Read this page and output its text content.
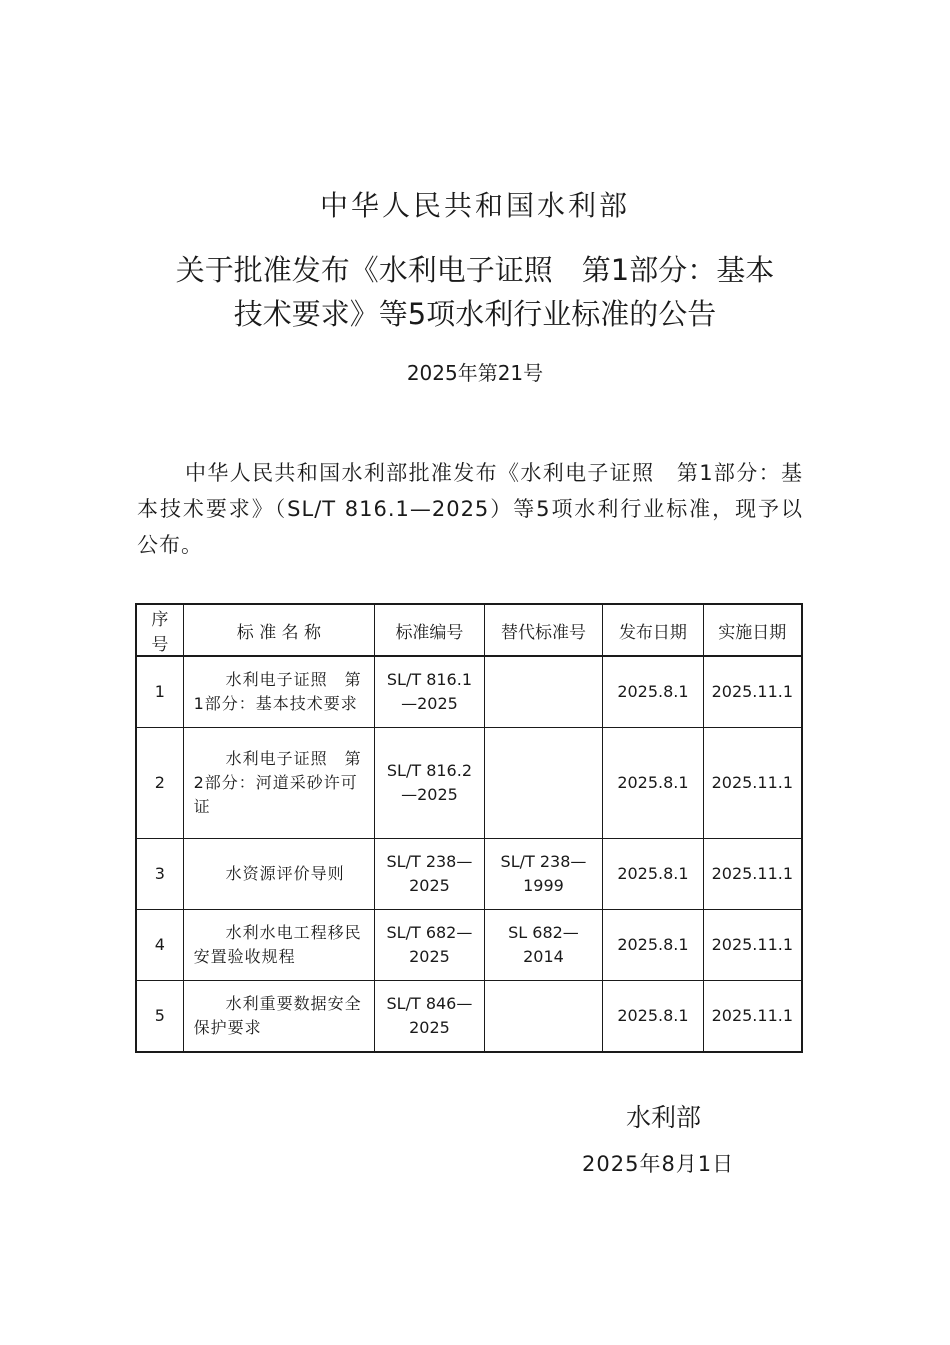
中华人民共和国水利部
关于批准发布《水利电子证照　第1部分：基本
技术要求》等5项水利行业标准的公告
2025年第21号
中华人民共和国水利部批准发布《水利电子证照　第1部分：基本技术要求》（SL/T 816.1—2025）等5项水利行业标准，现予以公布。
序号	标 准 名 称	标准编号	替代标准号	发布日期	实施日期
1	水利电子证照　第1部分：基本技术要求	SL/T 816.1—2025		2025.8.1	2025.11.1
2	水利电子证照　第2部分：河道采砂许可证	SL/T 816.2—2025		2025.8.1	2025.11.1
3	水资源评价导则	SL/T 238—2025	SL/T 238—1999	2025.8.1	2025.11.1
4	水利水电工程移民安置验收规程	SL/T 682—2025	SL 682—2014	2025.8.1	2025.11.1
5	水利重要数据安全保护要求	SL/T 846—2025		2025.8.1	2025.11.1
水利部
2025年8月1日
